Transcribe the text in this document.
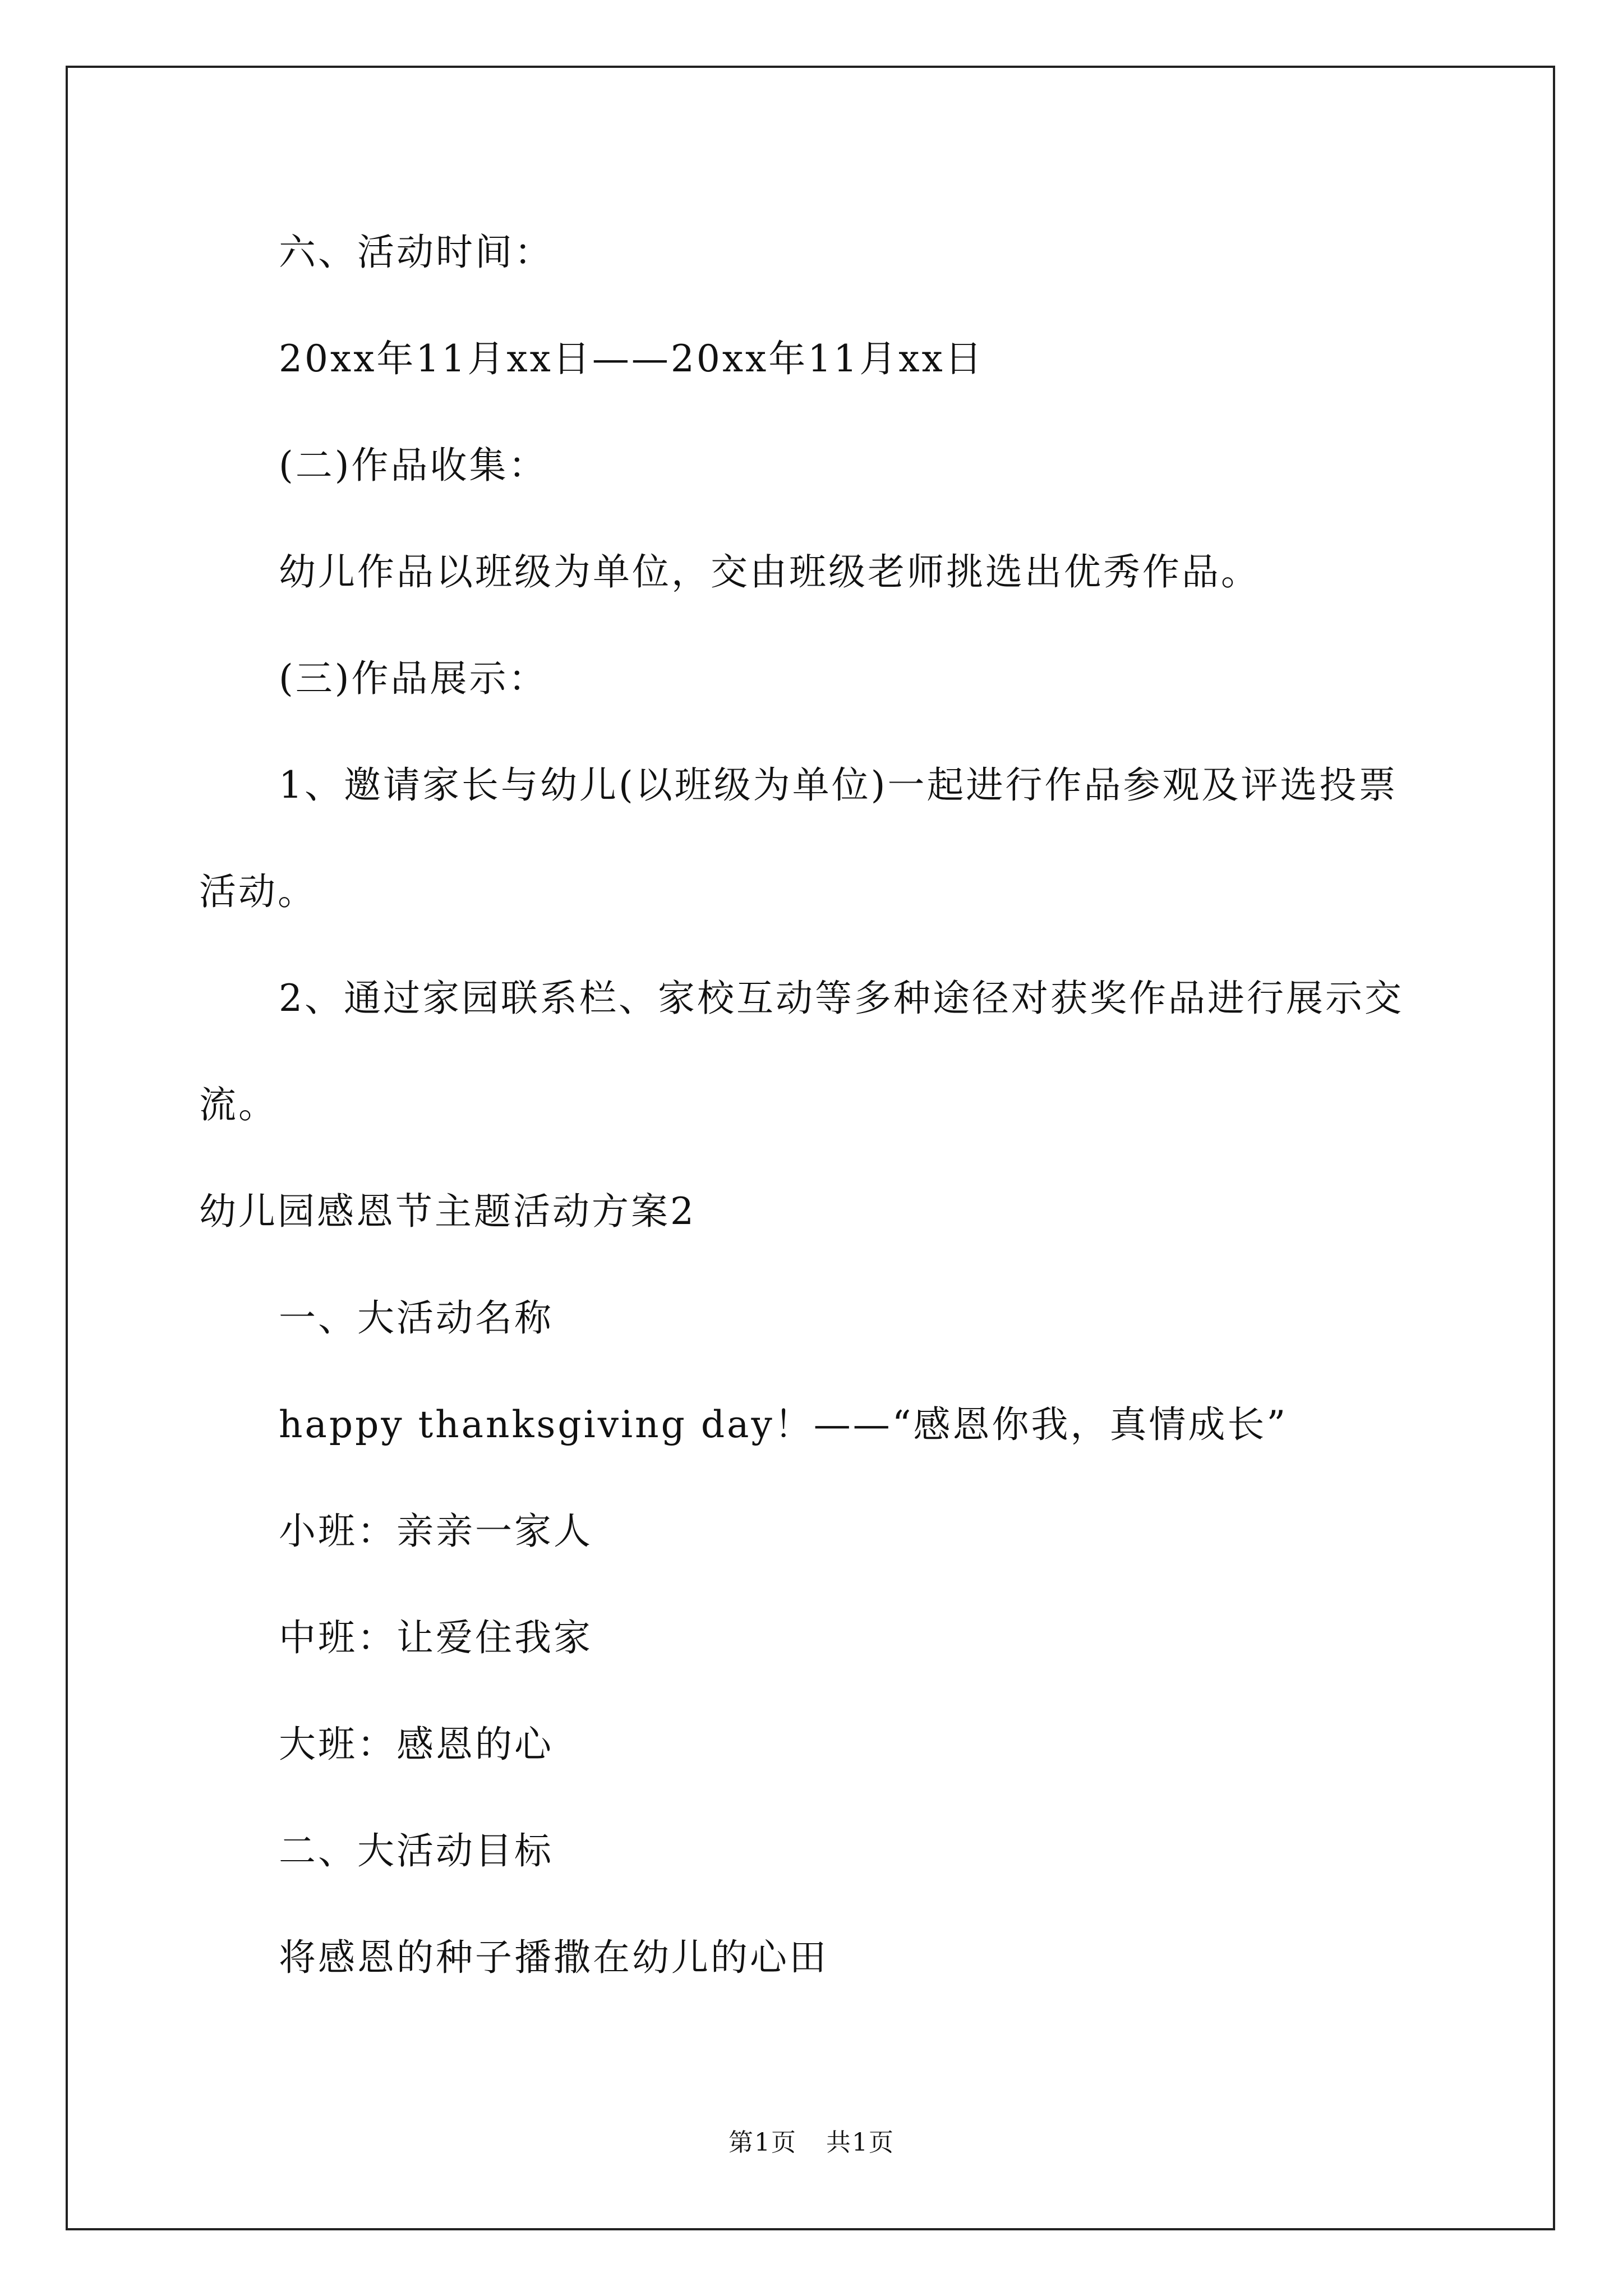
六、活动时间：
20xx年11月xx日——20xx年11月xx日
(二)作品收集：
幼儿作品以班级为单位，交由班级老师挑选出优秀作品。
(三)作品展示：
1、邀请家长与幼儿(以班级为单位)一起进行作品参观及评选投票
活动。
2、通过家园联系栏、家校互动等多种途径对获奖作品进行展示交
流。
幼儿园感恩节主题活动方案2
一、大活动名称
happy thanksgiving day！——“感恩你我，真情成长”
小班：亲亲一家人
中班：让爱住我家
大班：感恩的心
二、大活动目标
将感恩的种子播撒在幼儿的心田
第1页 共1页
